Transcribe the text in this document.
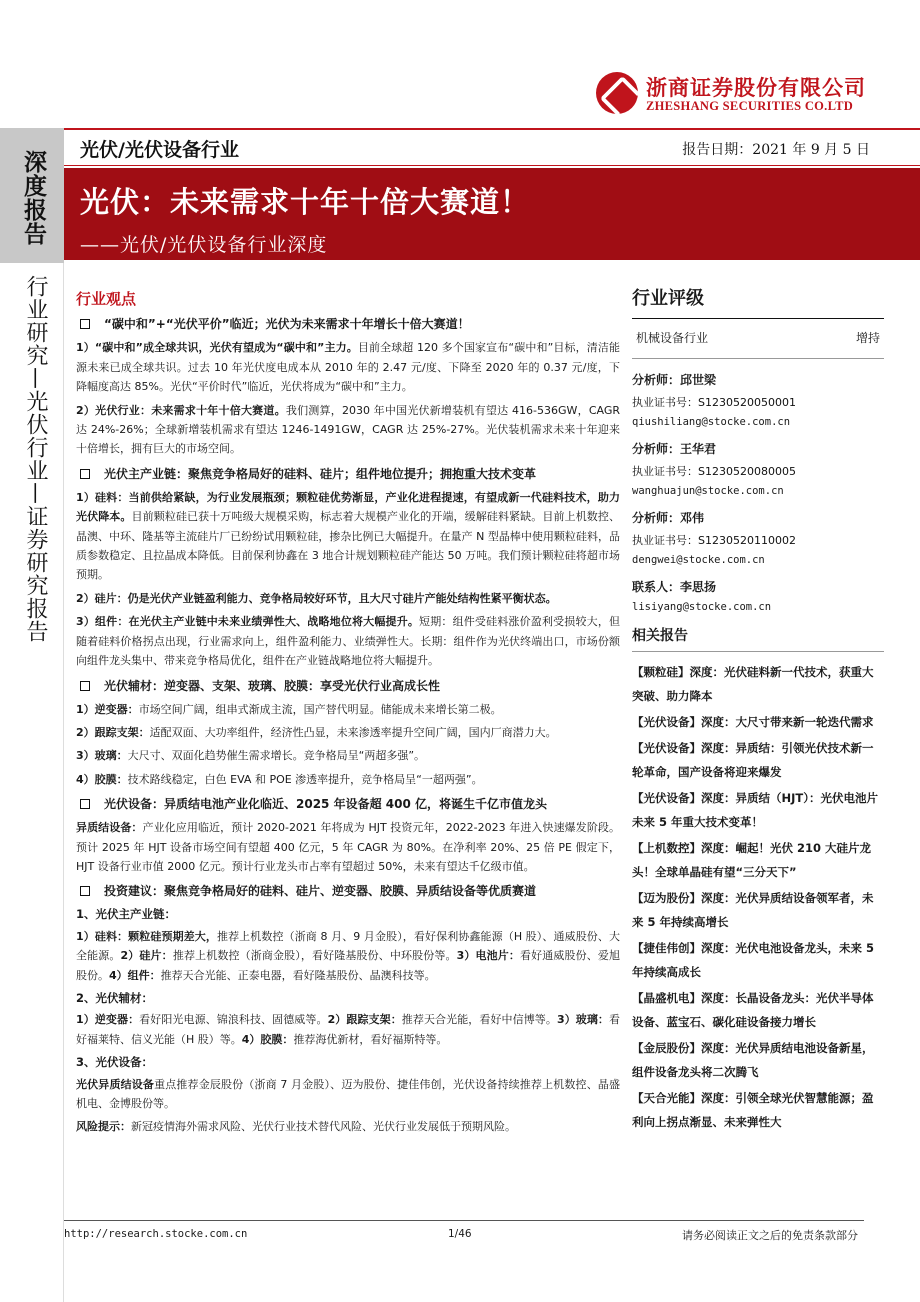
浙商证券股份有限公司
ZHESHANG SECURITIES CO.LTD
深度报告
行业研究—光伏行业—证券研究报告
光伏/光伏设备行业	报告日期：2021 年 9 月 5 日
光伏：未来需求十年十倍大赛道！
——光伏/光伏设备行业深度
行业观点
“碳中和”+“光伏平价”临近；光伏为未来需求十年增长十倍大赛道！

1）“碳中和”成全球共识，光伏有望成为“碳中和”主力。目前全球超 120 多个国家宣布“碳中和”目标，清洁能源未来已成全球共识。过去 10 年光伏度电成本从 2010 年的 2.47 元/度、下降至 2020 年的 0.37 元/度，下降幅度高达 85%。光伏“平价时代”临近，光伏将成为“碳中和”主力。

2）光伏行业：未来需求十年十倍大赛道。我们测算，2030 年中国光伏新增装机有望达 416-536GW，CAGR 达 24%-26%；全球新增装机需求有望达 1246-1491GW，CAGR 达 25%-27%。光伏装机需求未来十年迎来十倍增长，拥有巨大的市场空间。

光伏主产业链：聚焦竞争格局好的硅料、硅片；组件地位提升；拥抱重大技术变革

1）硅料：当前供给紧缺，为行业发展瓶颈；颗粒硅优势渐显，产业化进程提速，有望成新一代硅料技术，助力光伏降本。目前颗粒硅已获十万吨级大规模采购，标志着大规模产业化的开端，缓解硅料紧缺。目前上机数控、晶澳、中环、隆基等主流硅片厂已纷纷试用颗粒硅，掺杂比例已大幅提升。在量产 N 型晶棒中使用颗粒硅料，品质参数稳定、且拉晶成本降低。目前保利协鑫在 3 地合计规划颗粒硅产能达 50 万吨。我们预计颗粒硅将超市场预期。

2）硅片：仍是光伏产业链盈利能力、竞争格局较好环节，且大尺寸硅片产能处结构性紧平衡状态。

3）组件：在光伏主产业链中未来业绩弹性大、战略地位将大幅提升。短期：组件受硅料涨价盈利受损较大，但随着硅料价格拐点出现，行业需求向上，组件盈利能力、业绩弹性大。长期：组件作为光伏终端出口，市场份额向组件龙头集中、带来竞争格局优化，组件在产业链战略地位将大幅提升。

光伏辅材：逆变器、支架、玻璃、胶膜：享受光伏行业高成长性

1）逆变器：市场空间广阔，组串式渐成主流，国产替代明显。储能成未来增长第二极。

2）跟踪支架：适配双面、大功率组件，经济性凸显，未来渗透率提升空间广阔，国内厂商潜力大。

3）玻璃：大尺寸、双面化趋势催生需求增长。竞争格局呈“两超多强”。

4）胶膜：技术路线稳定，白色 EVA 和 POE 渗透率提升，竞争格局呈“一超两强”。

光伏设备：异质结电池产业化临近、2025 年设备超 400 亿，将诞生千亿市值龙头

异质结设备：产业化应用临近，预计 2020-2021 年将成为 HJT 投资元年，2022-2023 年进入快速爆发阶段。预计 2025 年 HJT 设备市场空间有望超 400 亿元，5 年 CAGR 为 80%。在净利率 20%、25 倍 PE 假定下，HJT 设备行业市值 2000 亿元。预计行业龙头市占率有望超过 50%，未来有望达千亿级市值。

投资建议：聚焦竞争格局好的硅料、硅片、逆变器、胶膜、异质结设备等优质赛道
1、光伏主产业链：

1）硅料：颗粒硅预期差大，推荐上机数控（浙商 8 月、9 月金股），看好保利协鑫能源（H 股）、通威股份、大全能源。2）硅片：推荐上机数控（浙商金股），看好隆基股份、中环股份等。3）电池片：看好通威股份、爱旭股份。4）组件：推荐天合光能、正泰电器，看好隆基股份、晶澳科技等。

2、光伏辅材：

1）逆变器：看好阳光电源、锦浪科技、固德威等。2）跟踪支架：推荐天合光能，看好中信博等。3）玻璃：看好福莱特、信义光能（H 股）等。4）胶膜：推荐海优新材，看好福斯特等。

3、光伏设备：

光伏异质结设备重点推荐金辰股份（浙商 7 月金股）、迈为股份、捷佳伟创，光伏设备持续推荐上机数控、晶盛机电、金博股份等。

风险提示：新冠疫情海外需求风险、光伏行业技术替代风险、光伏行业发展低于预期风险。

行业评级
机械设备行业	增持
分析师：邱世梁
执业证书号：S1230520050001
qiushiliang@stocke.com.cn
分析师：王华君
执业证书号：S1230520080005
wanghuajun@stocke.com.cn
分析师：邓伟
执业证书号：S1230520110002
dengwei@stocke.com.cn
联系人：李思扬
lisiyang@stocke.com.cn
相关报告
【颗粒硅】深度：光伏硅料新一代技术，获重大突破、助力降本
【光伏设备】深度：大尺寸带来新一轮迭代需求
【光伏设备】深度：异质结：引领光伏技术新一轮革命，国产设备将迎来爆发
【光伏设备】深度：异质结（HJT）：光伏电池片未来 5 年重大技术变革！
【上机数控】深度：崛起！光伏 210 大硅片龙头！全球单晶硅有望“三分天下”
【迈为股份】深度：光伏异质结设备领军者，未来 5 年持续高增长
【捷佳伟创】深度：光伏电池设备龙头，未来 5 年持续高成长
【晶盛机电】深度：长晶设备龙头：光伏半导体设备、蓝宝石、碳化硅设备接力增长
【金辰股份】深度：光伏异质结电池设备新星，组件设备龙头将二次腾飞
【天合光能】深度：引领全球光伏智慧能源；盈利向上拐点渐显、未来弹性大
http://research.stocke.com.cn	1/46	请务必阅读正文之后的免责条款部分
